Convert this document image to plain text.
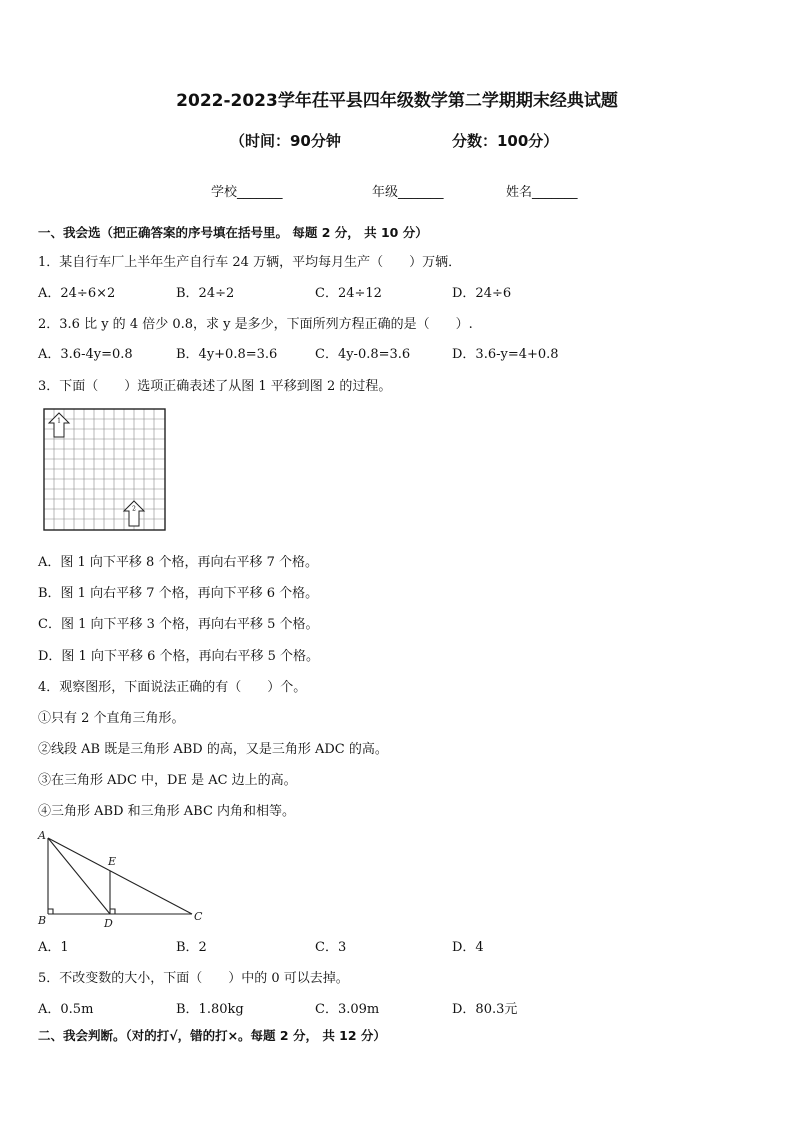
2022-2023学年茌平县四年级数学第二学期期末经典试题
（时间：90分钟	分数：100分）
学校_______	年级_______	姓名_______
一、我会选（把正确答案的序号填在括号里。 每题 2 分， 共 10 分）
1．某自行车厂上半年生产自行车 24 万辆，平均每月生产（　　）万辆．
A．24÷6×2	B．24÷2	C．24÷12	D．24÷6
2．3.6 比 y 的 4 倍少 0.8，求 y 是多少，下面所列方程正确的是（　　）.
A．3.6-4y=0.8	B．4y+0.8=3.6	C．4y-0.8=3.6	D．3.6-y=4+0.8
3．下面（　　）选项正确表述了从图 1 平移到图 2 的过程。
1
2
A．图 1 向下平移 8 个格，再向右平移 7 个格。
B．图 1 向右平移 7 个格，再向下平移 6 个格。
C．图 1 向下平移 3 个格，再向右平移 5 个格。
D．图 1 向下平移 6 个格，再向右平移 5 个格。
4．观察图形，下面说法正确的有（　　）个。
①只有 2 个直角三角形。
②线段 AB 既是三角形 ABD 的高，又是三角形 ADC 的高。
③在三角形 ADC 中，DE 是 AC 边上的高。
④三角形 ABD 和三角形 ABC 内角和相等。
A
E
B	D
C
A．1	B．2	C．3	D．4
5．不改变数的大小，下面（　　）中的 0 可以去掉。
A．0.5m	B．1.80kg	C．3.09m	D．80.3元
二、我会判断。（对的打√，错的打×。每题 2 分， 共 12 分）
